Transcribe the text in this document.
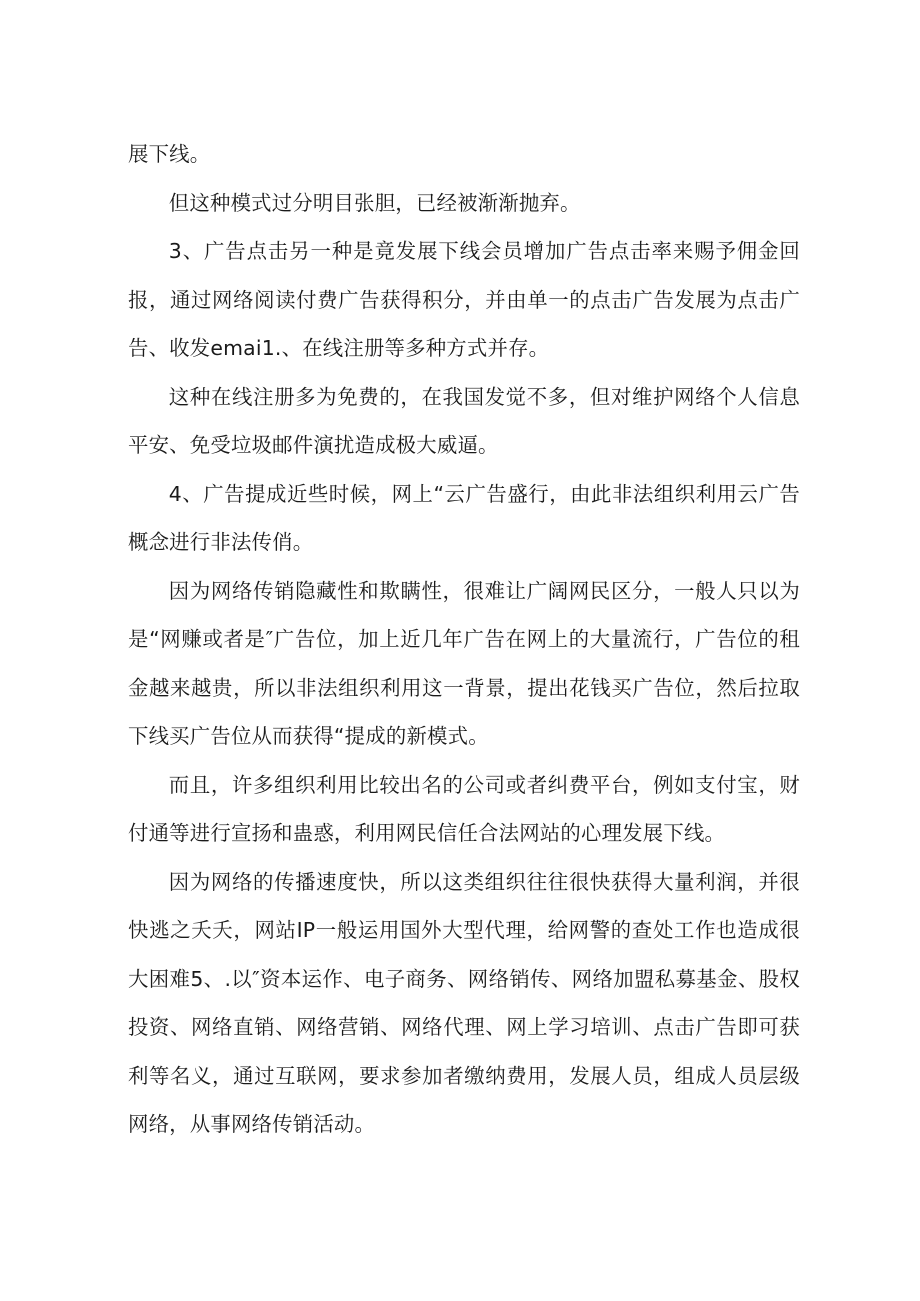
展下线。

但这种模式过分明目张胆，已经被渐渐抛弃。

3、广告点击另一种是竟发展下线会员增加广告点击率来赐予佣金回报，通过网络阅读付费广告获得积分，并由单一的点击广告发展为点击广告、收发emai1.、在线注册等多种方式并存。

这种在线注册多为免费的，在我国发觉不多，但对维护网络个人信息平安、免受垃圾邮件演扰造成极大威逼。

4、广告提成近些时候，网上“云广告盛行，由此非法组织利用云广告概念进行非法传俏。

因为网络传销隐藏性和欺瞒性，很难让广阔网民区分，一般人只以为是“网赚或者是″广告位，加上近几年广告在网上的大量流行，广告位的租金越来越贵，所以非法组织利用这一背景，提出花钱买广告位，然后拉取下线买广告位从而获得“提成的新模式。

而且，许多组织利用比较出名的公司或者纠费平台，例如支付宝，财付通等进行宣扬和蛊惑，利用网民信任合法网站的心理发展下线。

因为网络的传播速度快，所以这类组织往往很快获得大量利润，并很快逃之夭夭，网站IP一般运用国外大型代理，给网警的查处工作也造成很大困难5、.以″资本运作、电子商务、网络销传、网络加盟私募基金、股权投资、网络直销、网络营销、网络代理、网上学习培训、点击广告即可获利等名义，通过互联网，要求参加者缴纳费用，发展人员，组成人员层级网络，从事网络传销活动。
